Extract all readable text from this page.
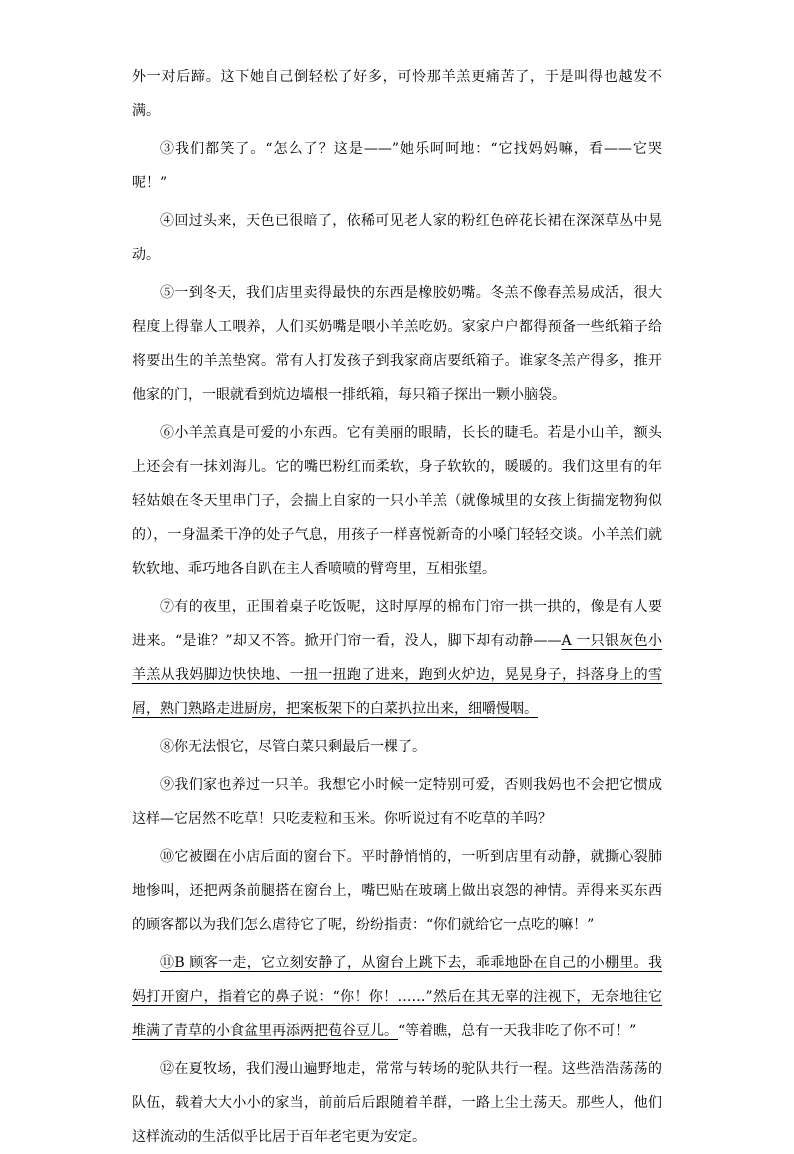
外一对后蹄。这下她自己倒轻松了好多，可怜那羊羔更痛苦了，于是叫得也越发不满。

③我们都笑了。“怎么了？这是——”她乐呵呵地：“它找妈妈嘛，看——它哭呢！”

④回过头来，天色已很暗了，依稀可见老人家的粉红色碎花长裙在深深草丛中晃动。

⑤一到冬天，我们店里卖得最快的东西是橡胶奶嘴。冬羔不像春羔易成活，很大程度上得靠人工喂养，人们买奶嘴是喂小羊羔吃奶。家家户户都得预备一些纸箱子给将要出生的羊羔垫窝。常有人打发孩子到我家商店要纸箱子。谁家冬羔产得多，推开他家的门，一眼就看到炕边墙根一排纸箱，每只箱子探出一颗小脑袋。

⑥小羊羔真是可爱的小东西。它有美丽的眼睛，长长的睫毛。若是小山羊，额头上还会有一抹刘海儿。它的嘴巴粉红而柔软，身子软软的，暖暖的。我们这里有的年轻姑娘在冬天里串门子，会揣上自家的一只小羊羔（就像城里的女孩上街揣宠物狗似的），一身温柔干净的处子气息，用孩子一样喜悦新奇的小嗓门轻轻交谈。小羊羔们就软软地、乖巧地各自趴在主人香喷喷的臂弯里，互相张望。

⑦有的夜里，正围着桌子吃饭呢，这时厚厚的棉布门帘一拱一拱的，像是有人要进来。“是谁？”却又不答。掀开门帘一看，没人，脚下却有动静——A 一只银灰色小羊羔从我妈脚边快快地、一扭一扭跑了进来，跑到火炉边，晃晃身子，抖落身上的雪屑，熟门熟路走进厨房，把案板架下的白菜扒拉出来，细嚼慢咽。

⑧你无法恨它，尽管白菜只剩最后一棵了。

⑨我们家也养过一只羊。我想它小时候一定特别可爱，否则我妈也不会把它惯成这样—它居然不吃草！只吃麦粒和玉米。你听说过有不吃草的羊吗？

⑩它被圈在小店后面的窗台下。平时静悄悄的，一听到店里有动静，就撕心裂肺地惨叫，还把两条前腿搭在窗台上，嘴巴贴在玻璃上做出哀怨的神情。弄得来买东西的顾客都以为我们怎么虐待它了呢，纷纷指责：“你们就给它一点吃的嘛！”

⑪B 顾客一走，它立刻安静了，从窗台上跳下去，乖乖地卧在自己的小棚里。我妈打开窗户，指着它的鼻子说：“你！你！……”然后在其无辜的注视下，无奈地往它堆满了青草的小食盆里再添两把苞谷豆儿。“等着瞧，总有一天我非吃了你不可！”

⑫在夏牧场，我们漫山遍野地走，常常与转场的驼队共行一程。这些浩浩荡荡的队伍，载着大大小小的家当，前前后后跟随着羊群，一路上尘土荡天。那些人，他们这样流动的生活似乎比居于百年老宅更为安定。
